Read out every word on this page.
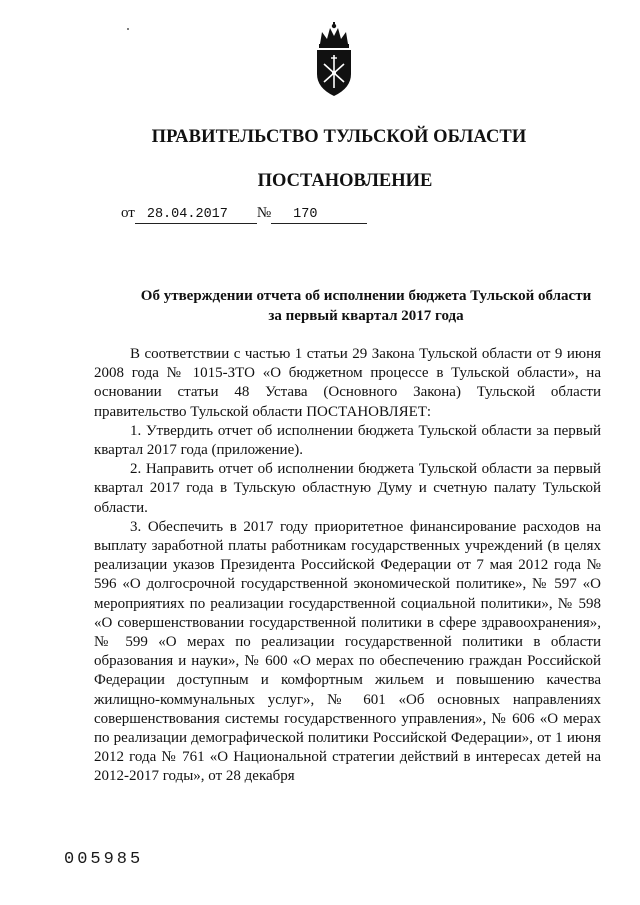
ПРАВИТЕЛЬСТВО ТУЛЬСКОЙ ОБЛАСТИ
ПОСТАНОВЛЕНИЕ
от 28.04.2017 № 170
Об утверждении отчета об исполнении бюджета Тульской области
за первый квартал 2017 года

В соответствии с частью 1 статьи 29 Закона Тульской области от 9 июня 2008 года № 1015-ЗТО «О бюджетном процессе в Тульской области», на основании статьи 48 Устава (Основного Закона) Тульской области правительство Тульской области ПОСТАНОВЛЯЕТ:

1. Утвердить отчет об исполнении бюджета Тульской области за первый квартал 2017 года (приложение).

2. Направить отчет об исполнении бюджета Тульской области за первый квартал 2017 года в Тульскую областную Думу и счетную палату Тульской области.

3. Обеспечить в 2017 году приоритетное финансирование расходов на выплату заработной платы работникам государственных учреждений (в целях реализации указов Президента Российской Федерации от 7 мая 2012 года № 596 «О долгосрочной государственной экономической политике», № 597 «О мероприятиях по реализации государственной социальной политики», № 598 «О совершенствовании государственной политики в сфере здравоохранения», № 599 «О мерах по реализации государственной политики в области образования и науки», № 600 «О мерах по обеспечению граждан Российской Федерации доступным и комфортным жильем и повышению качества жилищно-коммунальных услуг», № 601 «Об основных направлениях совершенствования системы государственного управления», № 606 «О мерах по реализации демографической политики Российской Федерации», от 1 июня 2012 года № 761 «О Национальной стратегии действий в интересах детей на 2012-2017 годы», от 28 декабря

005985
